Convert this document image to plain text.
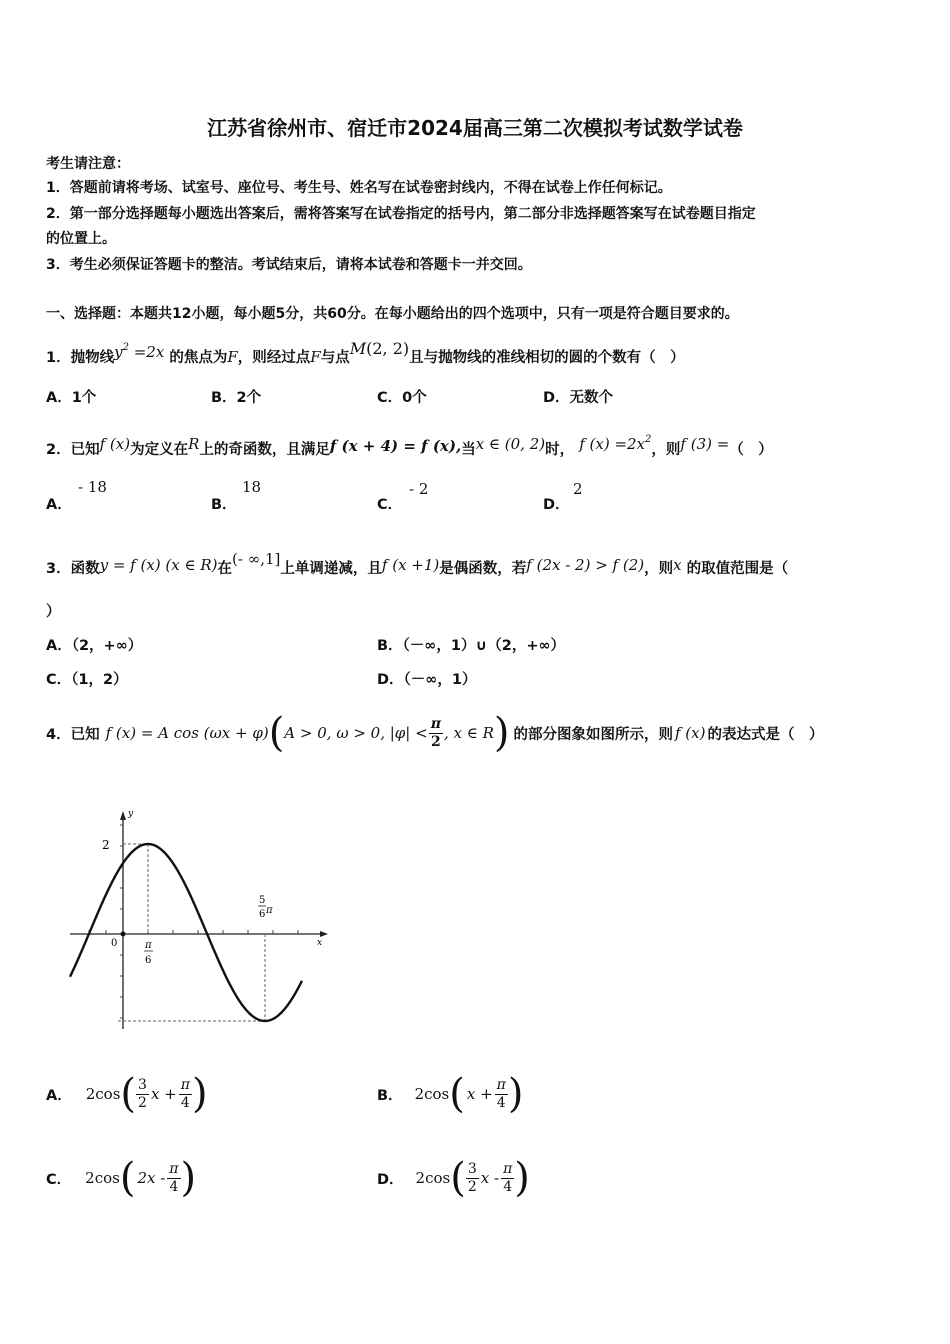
江苏省徐州市、宿迁市2024届高三第二次模拟考试数学试卷
考生请注意：
1．答题前请将考场、试室号、座位号、考生号、姓名写在试卷密封线内，不得在试卷上作任何标记。
2．第一部分选择题每小题选出答案后，需将答案写在试卷指定的括号内，第二部分非选择题答案写在试卷题目指定
的位置上。
3．考生必须保证答题卡的整洁。考试结束后，请将本试卷和答题卡一并交回。
一、选择题：本题共12小题，每小题5分，共60分。在每小题给出的四个选项中，只有一项是符合题目要求的。
1．抛物线$y^2 =2x$ 的焦点为F，则经过点F与点M(2, 2)且与抛物线的准线相切的圆的个数有（　）
A．1个	B．2个	C．0个	D．无数个
2．已知f (x)为定义在R上的奇函数，且满足f (x + 4) = f (x),当x ∈ (0, 2)时， f $(x) =2x^2$，则f (3) =（　）
A．
- 18
B．
18
C．
- 2
D．
2
3．函数y = f (x) (x ∈ R)在(- ∞,1]上单调递减，且f (x +1)是偶函数，若f (2x - 2) > f (2)，则x 的取值范围是（
）
A．（2，+∞）	B．（－∞，1）∪（2，+∞）
C．（1，2）	D．（－∞，1）
4．已知 f (x) = A cos (ωx + φ) ( A > 0, ω > 0, $|\varphi| < \frac{\pi}{2}$ , x ∈ R ) 的部分图象如图所示，则 f (x) 的表达式是（　）
y
x
0
2
π
6
5
6 π
A． 2cos ( $\frac{3}{2}$ $x + \frac{\pi}{4}$ )	B． 2cos ( $x + \frac{\pi}{4}$ )
C． 2cos ( $2x - \frac{\pi}{4}$ )	D． 2cos ( $\frac{3}{2}$ x - $\frac{\pi}{4}$ )
